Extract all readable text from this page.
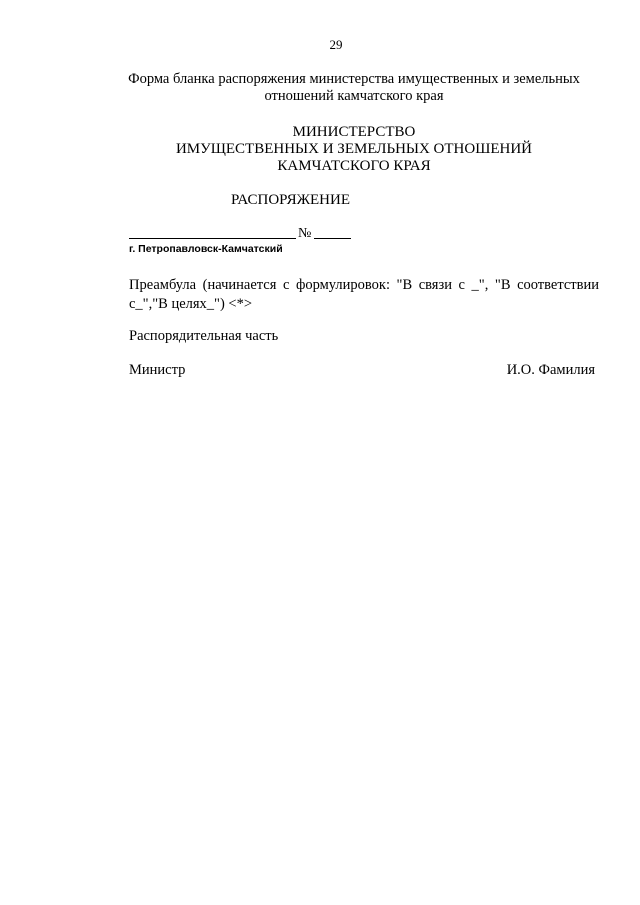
29
Форма бланка распоряжения министерства имущественных и земельных
отношений камчатского края
МИНИСТЕРСТВО
ИМУЩЕСТВЕННЫХ И ЗЕМЕЛЬНЫХ ОТНОШЕНИЙ
КАМЧАТСКОГО КРАЯ
РАСПОРЯЖЕНИЕ
№
г. Петропавловск-Камчатский
Преамбула (начинается с формулировок: "В связи с _", "В соответствии
с_","В целях_") <*>
Распорядительная часть
Министр	И.О. Фамилия
